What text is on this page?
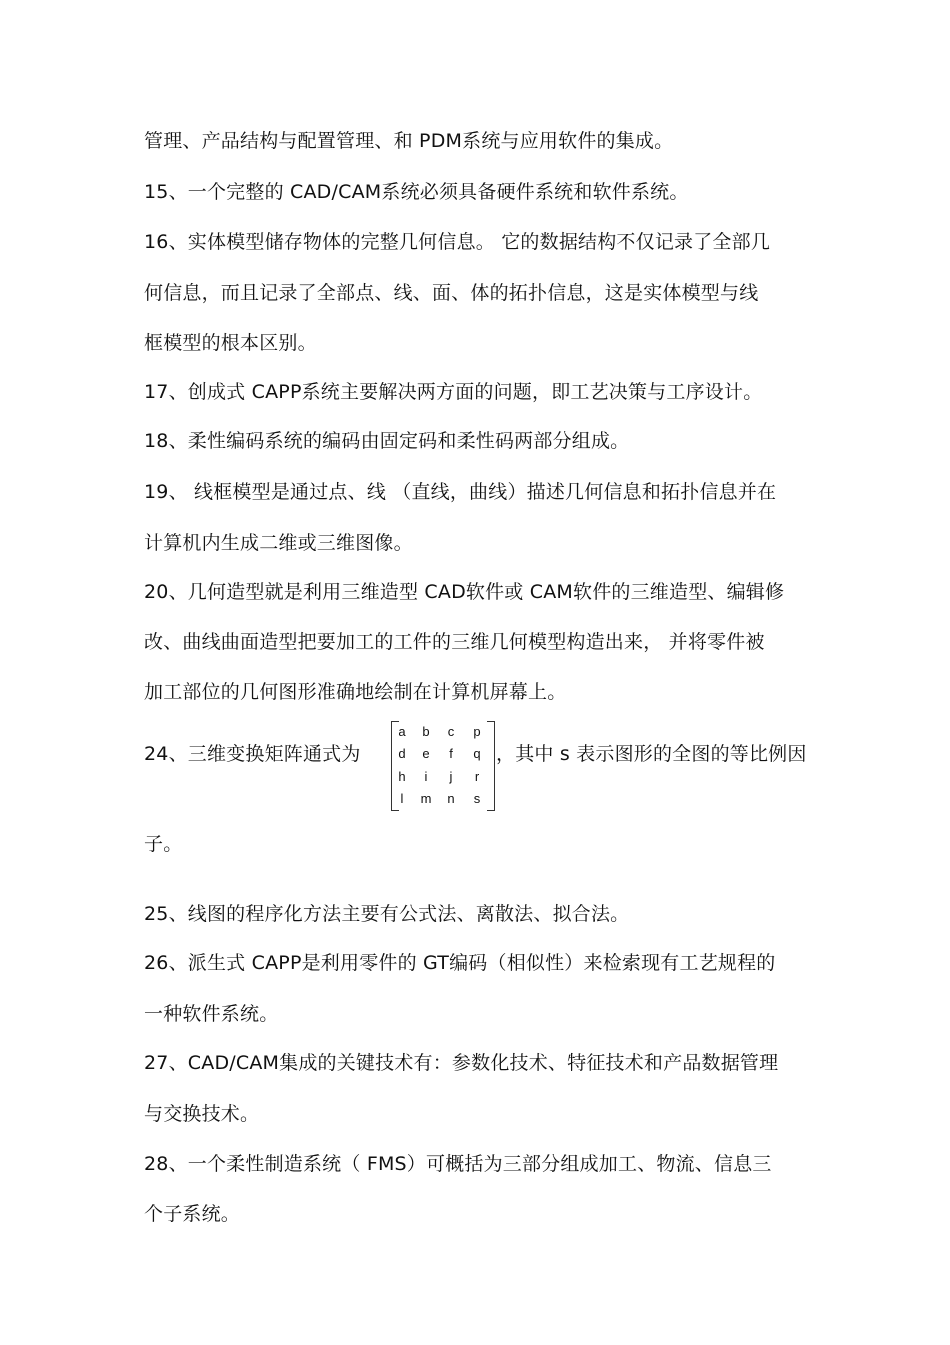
管理、产品结构与配置管理、和 PDM系统与应用软件的集成。
15、一个完整的 CAD/CAM系统必须具备硬件系统和软件系统。
16、实体模型储存物体的完整几何信息。 它的数据结构不仅记录了全部几
何信息，而且记录了全部点、线、面、体的拓扑信息，这是实体模型与线
框模型的根本区别。
17、创成式 CAPP系统主要解决两方面的问题，即工艺决策与工序设计。
18、柔性编码系统的编码由固定码和柔性码两部分组成。
19、 线框模型是通过点、线 （直线，曲线）描述几何信息和拓扑信息并在
计算机内生成二维或三维图像。
20、几何造型就是利用三维造型 CAD软件或 CAM软件的三维造型、编辑修
改、曲线曲面造型把要加工的工件的三维几何模型构造出来， 并将零件被
加工部位的几何图形准确地绘制在计算机屏幕上。
24、三维变换矩阵通式为
a	b	c	p
d	e	f	q
h	i	j	r
l	m	n	s
，其中 s 表示图形的全图的等比例因
子。
25、线图的程序化方法主要有公式法、离散法、拟合法。
26、派生式 CAPP是利用零件的 GT编码（相似性）来检索现有工艺规程的
一种软件系统。
27、CAD/CAM集成的关键技术有：参数化技术、特征技术和产品数据管理
与交换技术。
28、一个柔性制造系统（ FMS）可概括为三部分组成加工、物流、信息三
个子系统。
